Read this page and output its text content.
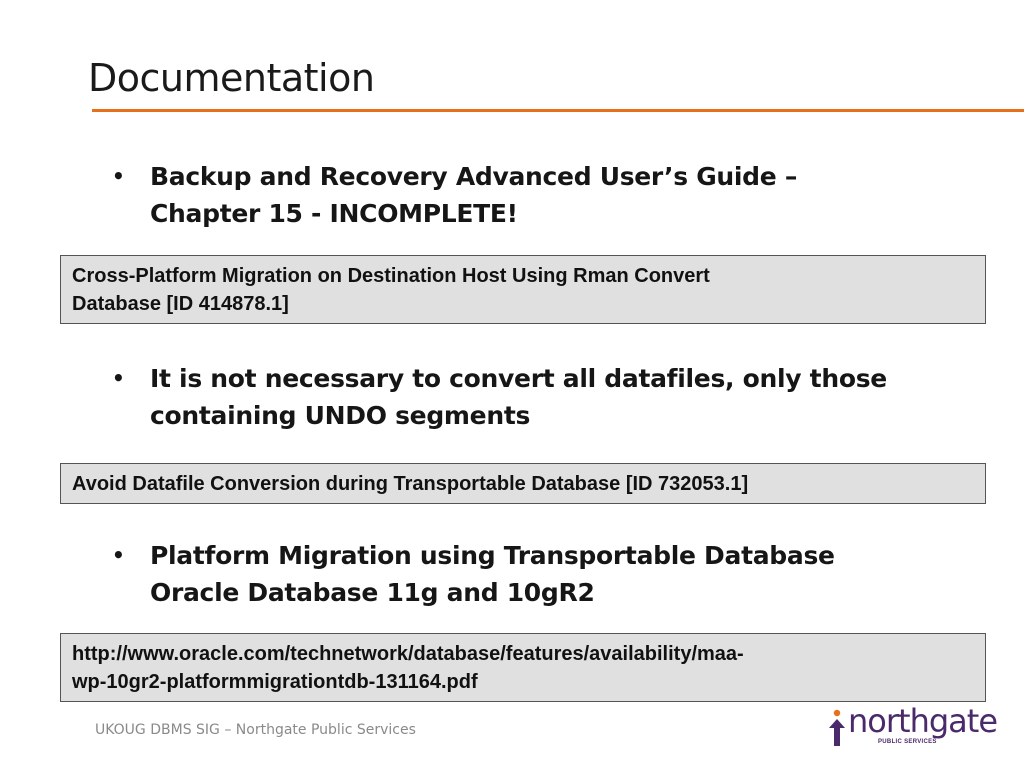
Documentation
• Backup and Recovery Advanced User’s Guide –
Chapter 15 - INCOMPLETE!
Cross-Platform Migration on Destination Host Using Rman Convert
Database [ID 414878.1]
• It is not necessary to convert all datafiles, only those
containing UNDO segments
Avoid Datafile Conversion during Transportable Database [ID 732053.1]
• Platform Migration using Transportable Database
Oracle Database 11g and 10gR2
http://www.oracle.com/technetwork/database/features/availability/maa-
wp-10gr2-platformmigrationtdb-131164.pdf
UKOUG DBMS SIG – Northgate Public Services	northgate
PUBLIC SERVICES
